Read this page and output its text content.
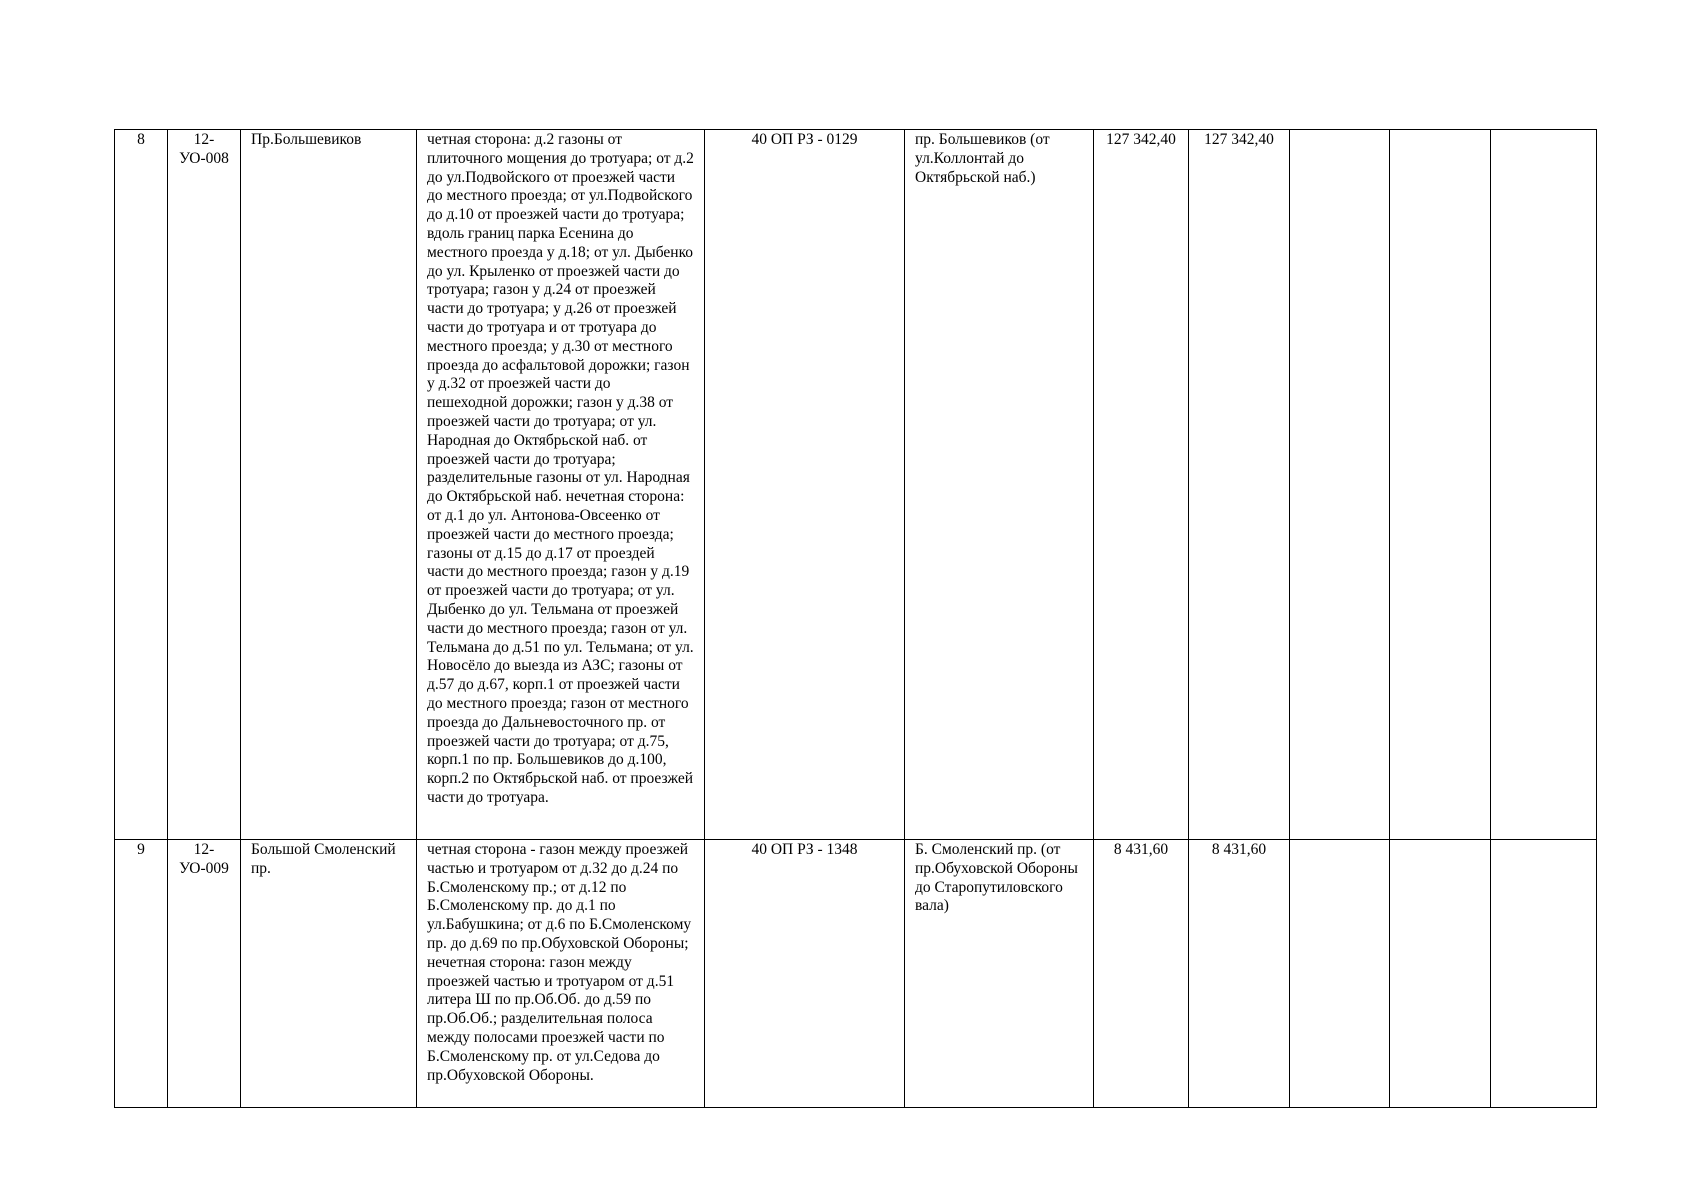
8	12-УО-008	Пр.Большевиков	четная сторона: д.2 газоны от плиточного мощения до тротуара; от д.2 до ул.Подвойского от проезжей части до местного проезда; от ул.Подвойского до д.10 от проезжей части до тротуара; вдоль границ парка Есенина до местного проезда у д.18; от ул. Дыбенко до ул. Крыленко от проезжей части до тротуара; газон у д.24 от проезжей части до тротуара; у д.26 от проезжей части до тротуара и от тротуара до местного проезда; у д.30 от местного проезда до асфальтовой дорожки; газон у д.32 от проезжей части до пешеходной дорожки; газон у д.38 от проезжей части до тротуара; от ул. Народная до Октябрьской наб. от проезжей части до тротуара; разделительные газоны от ул. Народная до Октябрьской наб. нечетная сторона: от д.1 до ул. Антонова-Овсеенко от проезжей части до местного проезда; газоны от д.15 до д.17 от проездей части до местного проезда; газон у д.19 от проезжей части до тротуара; от ул. Дыбенко до ул. Тельмана от проезжей части до местного проезда; газон от ул. Тельмана до д.51 по ул. Тельмана; от ул. Новосёло до выезда из АЗС; газоны от д.57 до д.67, корп.1 от проезжей части до местного проезда; газон от местного проезда до Дальневосточного пр. от проезжей части до тротуара; от д.75, корп.1 по пр. Большевиков до д.100, корп.2 по Октябрьской наб. от проезжей части до тротуара.	40 ОП РЗ - 0129	пр. Большевиков (от ул.Коллонтай до Октябрьской наб.)	127 342,40	127 342,40			
9	12-УО-009	Большой Смоленский пр.	четная сторона - газон между проезжей частью и тротуаром от д.32 до д.24 по Б.Смоленскому пр.; от д.12 по Б.Смоленскому пр. до д.1 по ул.Бабушкина; от д.6 по Б.Смоленскому пр. до д.69 по пр.Обуховской Обороны; нечетная сторона: газон между проезжей частью и тротуаром от д.51 литера Ш по пр.Об.Об. до д.59 по пр.Об.Об.; разделительная полоса между полосами проезжей части по Б.Смоленскому пр. от ул.Седова до пр.Обуховской Обороны.	40 ОП РЗ - 1348	Б. Смоленский пр. (от пр.Обуховской Обороны до Старопутиловского вала)	8 431,60	8 431,60			
